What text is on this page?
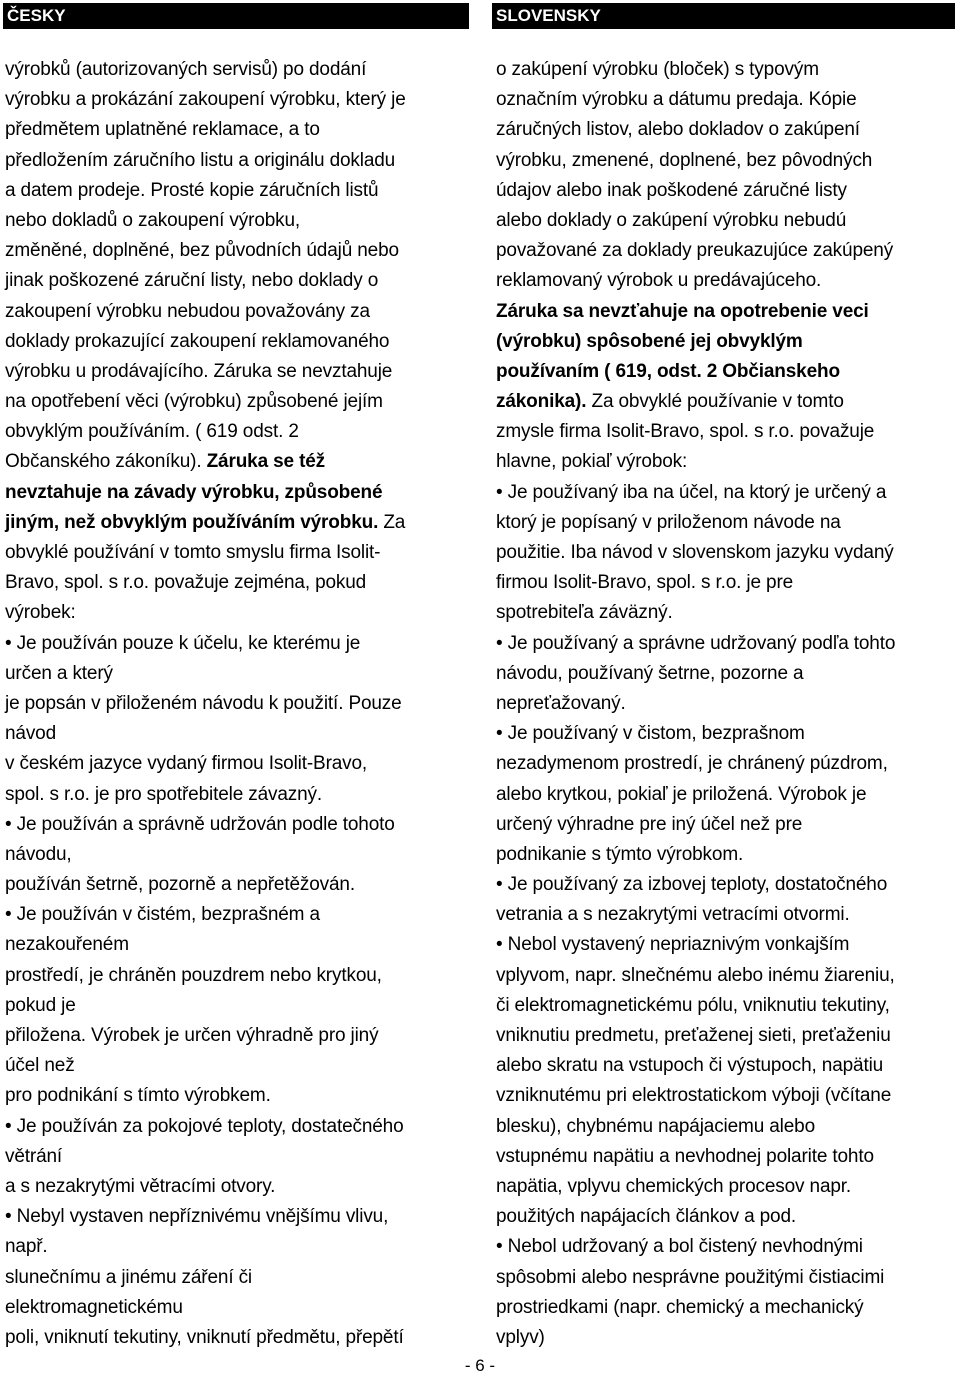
ČESKY
výrobků (autorizovaných servisů) po dodání
výrobku a prokázání zakoupení výrobku, který je
předmětem uplatněné reklamace, a to
předložením záručního listu a originálu dokladu
a datem prodeje. Prosté kopie záručních listů
nebo dokladů o zakoupení výrobku,
změněné, doplněné, bez původních údajů nebo
jinak poškozené záruční listy, nebo doklady o
zakoupení výrobku nebudou považovány za
doklady prokazující zakoupení reklamovaného
výrobku u prodávajícího. Záruka se nevztahuje
na opotřebení věci (výrobku) způsobené jejím
obvyklým používáním. ( 619 odst. 2
Občanského zákoníku). Záruka se též
nevztahuje na závady výrobku, způsobené
jiným, než obvyklým používáním výrobku. Za
obvyklé používání v tomto smyslu firma Isolit-
Bravo, spol. s r.o. považuje zejména, pokud
výrobek:
• Je používán pouze k účelu, ke kterému je
určen a který
je popsán v přiloženém návodu k použití. Pouze
návod
v českém jazyce vydaný firmou Isolit-Bravo,
spol. s r.o. je pro spotřebitele závazný.
• Je používán a správně udržován podle tohoto
návodu,
používán šetrně, pozorně a nepřetěžován.
• Je používán v čistém, bezprašném a
nezakouřeném
prostředí, je chráněn pouzdrem nebo krytkou,
pokud je
přiložena. Výrobek je určen výhradně pro jiný
účel než
pro podnikání s tímto výrobkem.
• Je používán za pokojové teploty, dostatečného
větrání
a s nezakrytými větracími otvory.
• Nebyl vystaven nepříznivému vnějšímu vlivu,
např.
slunečnímu a jinému záření či
elektromagnetickému
poli, vniknutí tekutiny, vniknutí předmětu, přepětí
SLOVENSKY
o zakúpení výrobku (bloček) s typovým
označním výrobku a dátumu predaja. Kópie
záručných listov, alebo dokladov o zakúpení
výrobku, zmenené, doplnené, bez pôvodných
údajov alebo inak poškodené záručné listy
alebo doklady o zakúpení výrobku nebudú
považované za doklady preukazujúce zakúpený
reklamovaný výrobok u predávajúceho.
Záruka sa nevzťahuje na opotrebenie veci
(výrobku) spôsobené jej obvyklým
používaním ( 619, odst. 2 Občianskeho
zákonika). Za obvyklé používanie v tomto
zmysle firma Isolit-Bravo, spol. s r.o. považuje
hlavne, pokiaľ výrobok:
• Je používaný iba na účel, na ktorý je určený a
ktorý je popísaný v priloženom návode na
použitie. Iba návod v slovenskom jazyku vydaný
firmou Isolit-Bravo, spol. s r.o. je pre
spotrebiteľa záväzný.
• Je používaný a správne udržovaný podľa tohto
návodu, používaný šetrne, pozorne a
nepreťažovaný.
• Je používaný v čistom, bezprašnom
nezadymenom prostredí, je chránený púzdrom,
alebo krytkou, pokiaľ je priložená. Výrobok je
určený výhradne pre iný účel než pre
podnikanie s týmto výrobkom.
• Je používaný za izbovej teploty, dostatočného
vetrania a s nezakrytými vetracími otvormi.
• Nebol vystavený nepriaznivým vonkajším
vplyvom, napr. slnečnému alebo inému žiareniu,
či elektromagnetickému pólu, vniknutiu tekutiny,
vniknutiu predmetu, preťaženej sieti, preťaženiu
alebo skratu na vstupoch či výstupoch, napätiu
vzniknutému pri elektrostatickom výboji (včítane
blesku), chybnému napájaciemu alebo
vstupnému napätiu a nevhodnej polarite tohto
napätia, vplyvu chemických procesov napr.
použitých napájacích článkov a pod.
• Nebol udržovaný a bol čistený nevhodnými
spôsobmi alebo nesprávne použitými čistiacimi
prostriedkami (napr. chemický a mechanický
vplyv)
- 6 -
